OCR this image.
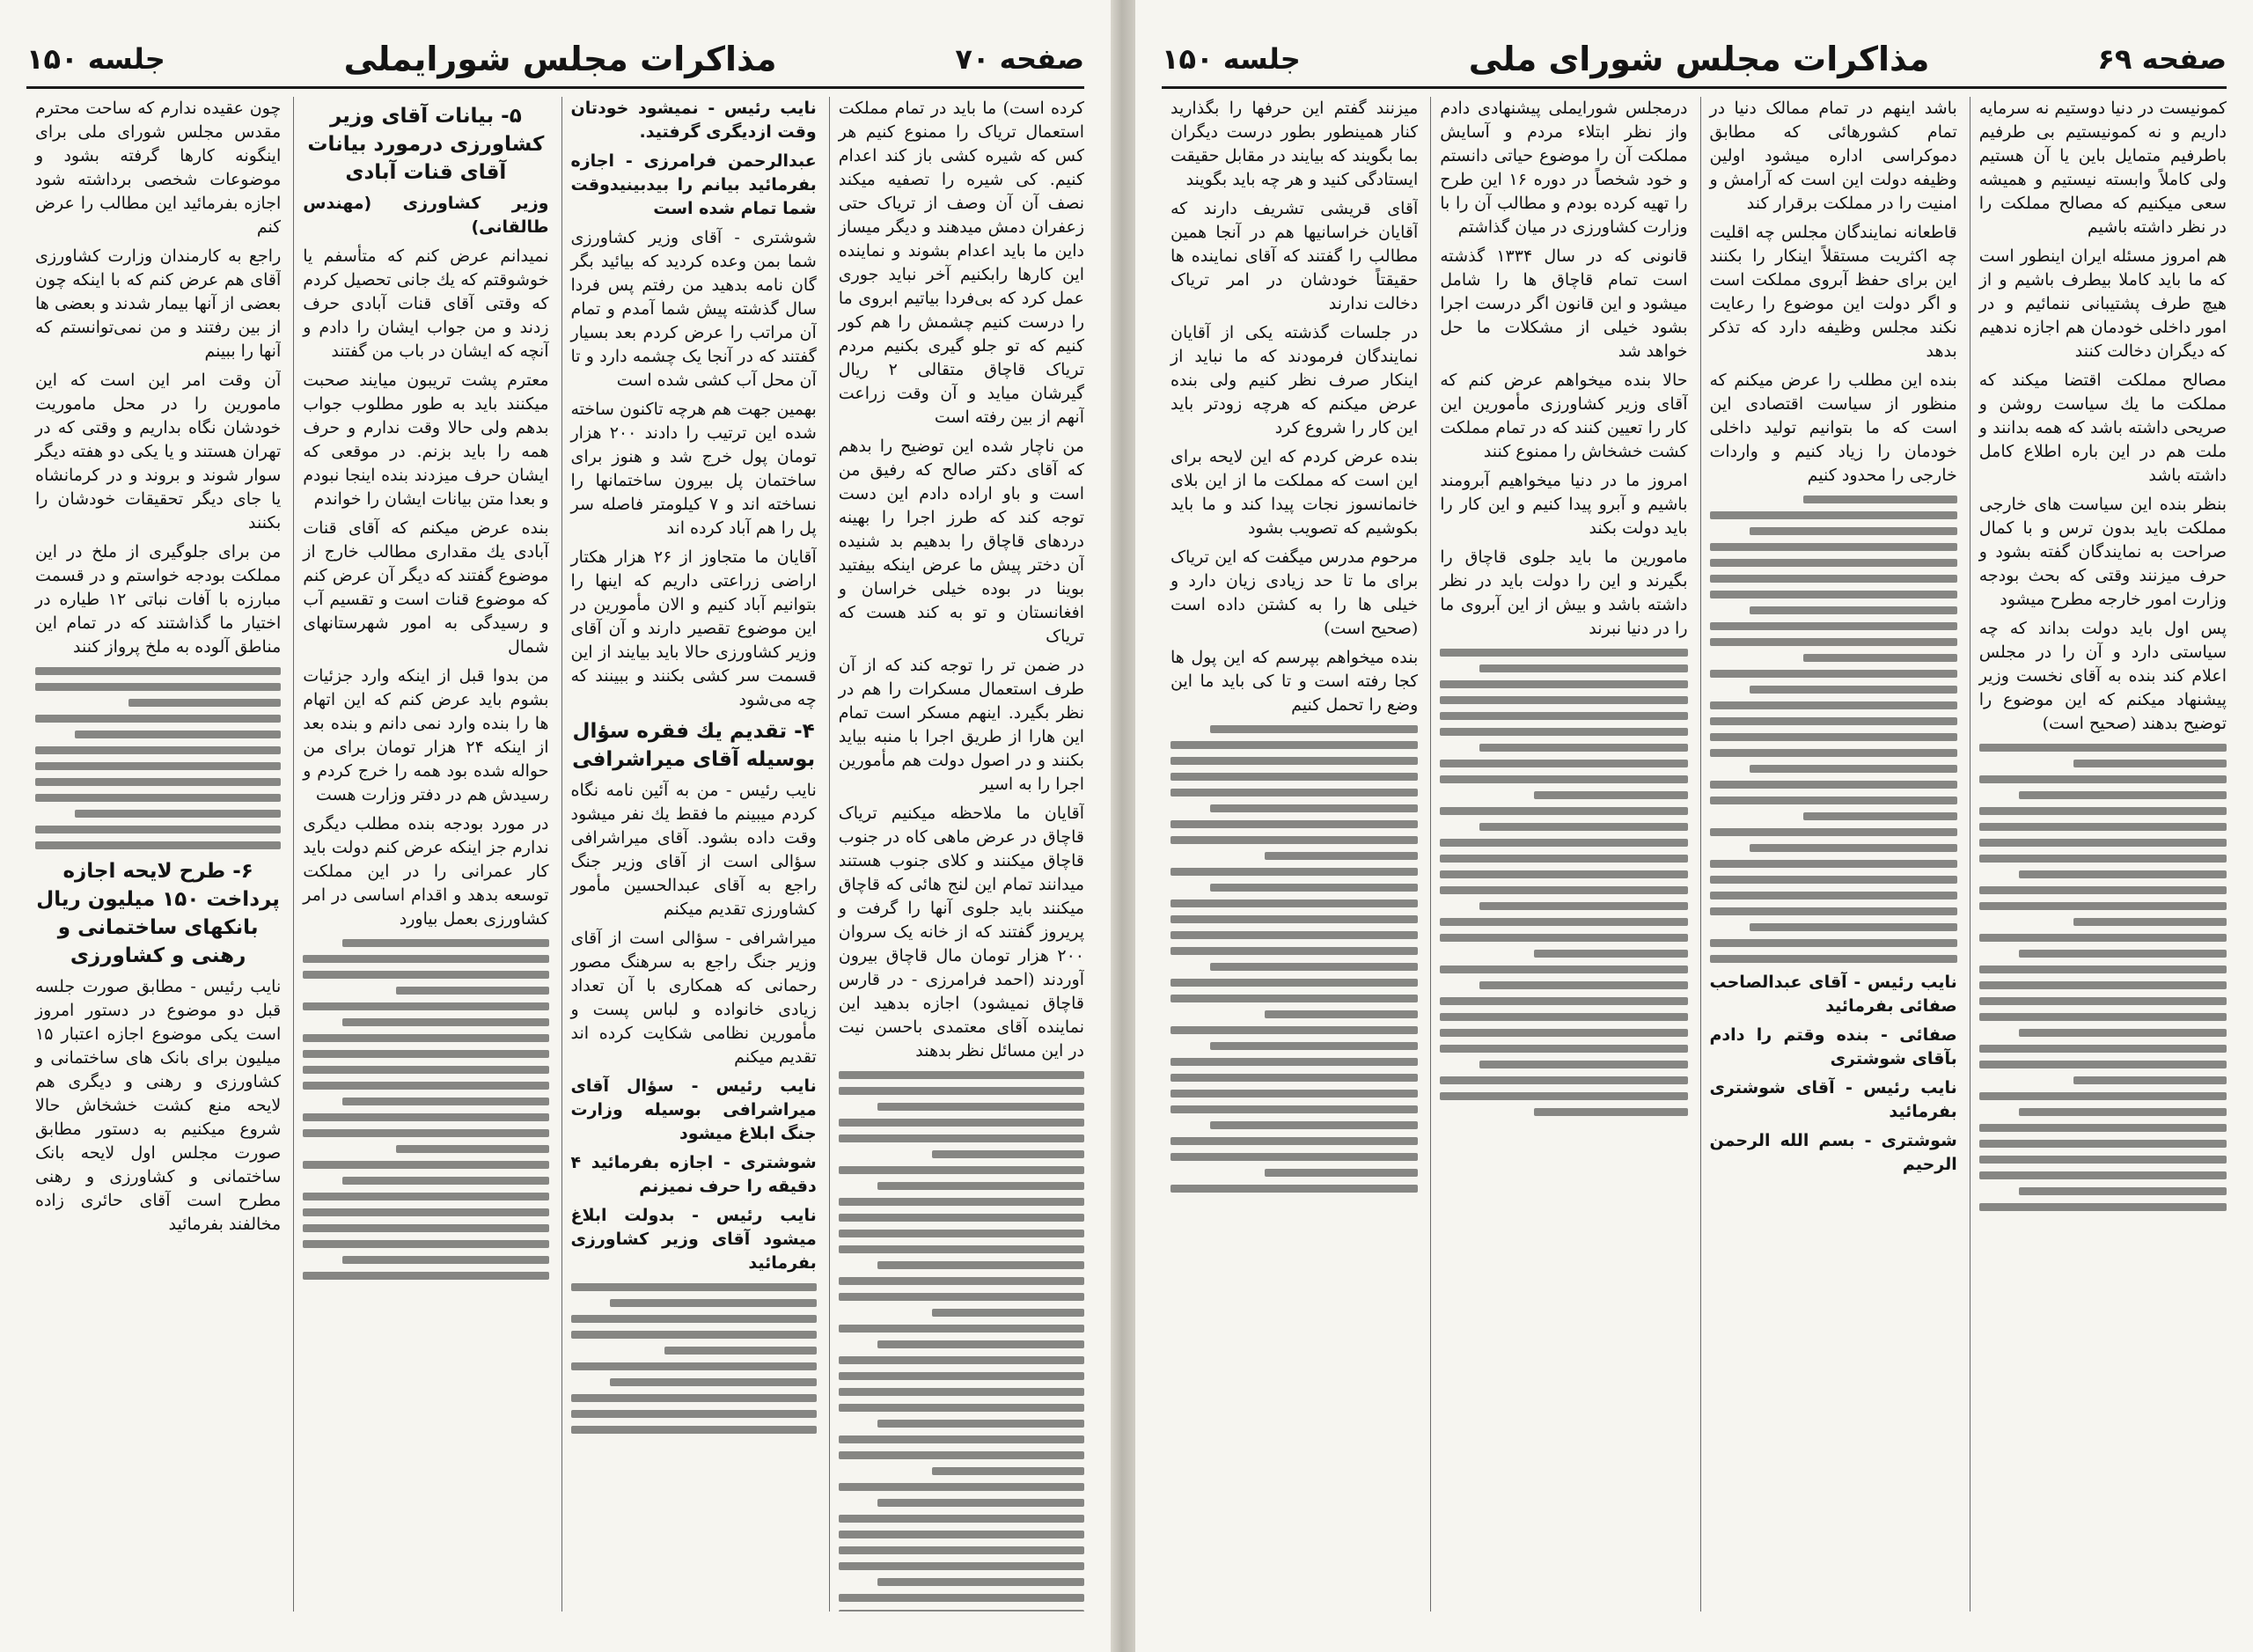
صفحه ۷۰
مذاکرات مجلس شورایملی
جلسه ۱۵۰

کرده است) ما باید در تمام مملکت استعمال تریاک را ممنوع کنیم هر کس که شیره کشی باز کند اعدام کنیم. کی شیره را تصفیه میکند نصف آن آن وصف از تریاک حتی زعفران دمش میدهند و دیگر میساز داین ما باید اعدام بشوند و نماینده این کارها رابکنیم آخر نباید جوری عمل کرد که بی‌فردا بیاتیم ابروی ما را درست کنیم چشمش را هم کور کنیم که تو جلو گیری بکنیم مردم تریاک قاچاق متقالی ۲ ریال گیرشان میاید و آن وقت زراعت آنهم از بین رفته است

من ناچار شده این توضیح را بدهم که آقای دکتر صالح که رفیق من است و باو اراده دادم این دست توجه کند که طرز اجرا را بهینه دردهای قاچاق را بدهیم بد شنیده آن دختر پیش ما عرض اینکه بیفتید بوینا در بوده خیلی خراسان و افغانستان و تو به کند هست که تریاک

در ضمن تر را توجه کند که از آن طرف استعمال مسکرات را هم در نظر بگیرد. اینهم مسکر است تمام این هارا از طریق اجرا با منبه بیاید بکنند و در اصول دولت هم مأمورین اجرا را به اسیر

آقایان ما ملاحظه میکنیم تریاک قاچاق در عرض ماهی کاه در جنوب قاچاق میکنند و کلای جنوب هستند میدانند تمام این لنج هائی که قاچاق میکنند باید جلوی آنها را گرفت و پریروز گفتند که از خانه یک سروان ۲۰۰ هزار تومان مال قاچاق بیرون آوردند (احمد فرامرزی - در قارس قاچاق نمیشود) اجازه بدهید این نماینده آقای معتمدی باحسن نیت در این مسائل نظر بدهند

نایب رئیس - نمیشود خودتان وقت ازدیگری گرفتید.

عبدالرحمن فرامرزی - اجازه بفرمائید بیانم را بیدبینیدوقت شما تمام شده است

شوشتری - آقای وزیر کشاورزی شما بمن وعده کردید که بیائید بگر گان نامه بدهید من رفتم پس فردا سال گذشته پیش شما آمدم و تمام آن مراتب را عرض کردم بعد بسیار گفتند که در آنجا یک چشمه دارد و تا آن محل آب کشی شده است

بهمین جهت هم هرچه تاکنون ساخته شده این ترتیب را دادند ۲۰۰ هزار تومان پول خرج شد و هنوز برای ساختمان پل بیرون ساختمانها را نساخته اند و ۷ کیلومتر فاصله سر پل را هم آباد کرده اند

آقایان ما متجاوز از ۲۶ هزار هکتار اراضی زراعتی داریم که اینها را بتوانیم آباد کنیم و الان مأمورین در این موضوع تقصیر دارند و آن آقای وزیر کشاورزی حالا باید بیایند از این قسمت سر کشی بکنند و ببینند که چه می‌شود

۴- تقدیم یك فقره سؤال بوسیله آقای میراشرافی

نایب رئیس - من به آئین نامه نگاه کردم میبینم ما فقط یك نفر میشود وقت داده بشود. آقای میراشرافی سؤالی است از آقای وزیر جنگ راجع به آقای عبدالحسین مأمور کشاورزی تقدیم میکنم

میراشرافی - سؤالی است از آقای وزیر جنگ راجع به سرهنگ مصور رحمانی که همکاری با آن تعداد زیادی خانواده و لباس پست و مأمورین نظامی شکایت کرده اند تقدیم میکنم

نایب رئیس - سؤال آقای میراشرافی بوسیله وزارت جنگ ابلاغ میشود

شوشتری - اجازه بفرمائید ۴ دقیقه را حرف نمیزنم

نایب رئیس - بدولت ابلاغ میشود آقای وزیر کشاورزی بفرمائید

۵- بیانات آقای وزیر کشاورزی درمورد بیانات آقای قنات آبادی

وزیر کشاورزی (مهندس طالقانی)

نمیدانم عرض کنم که متأسفم یا خوشوقتم که یك جانی تحصیل کردم که وقتی آقای قنات آبادی حرف زدند و من جواب ایشان را دادم و آنچه که ایشان در باب من گفتند

معترم پشت تریبون میایند صحبت میکنند باید به طور مطلوب جواب بدهم ولی حالا وقت ندارم و حرف همه را باید بزنم. در موقعی که ایشان حرف میزدند بنده اینجا نبودم و بعدا متن بیانات ایشان را خواندم

بنده عرض میکنم که آقای قنات آبادی یك مقداری مطالب خارج از موضوع گفتند که دیگر آن عرض کنم که موضوع قنات است و تقسیم آب و رسیدگی به امور شهرستانهای شمال

من بدوا قبل از اینکه وارد جزئیات بشوم باید عرض کنم که این اتهام ها را بنده وارد نمی دانم و بنده بعد از اینکه ۲۴ هزار تومان برای من حواله شده بود همه را خرج کردم و رسیدش هم در دفتر وزارت هست

در مورد بودجه بنده مطلب دیگری ندارم جز اینکه عرض کنم دولت باید کار عمرانی را در این مملکت توسعه بدهد و اقدام اساسی در امر کشاورزی بعمل بیاورد

چون عقیده ندارم که ساحت محترم مقدس مجلس شورای ملی برای اینگونه کارها گرفته بشود و موضوعات شخصی برداشته شود اجازه بفرمائید این مطالب را عرض کنم

راجع به کارمندان وزارت کشاورزی آقای هم عرض کنم که با اینکه چون بعضی از آنها بیمار شدند و بعضی ها از بین رفتند و من نمی‌توانستم که آنها را ببینم

آن وقت امر این است که این مامورین را در محل ماموریت خودشان نگاه بداریم و وقتی که در تهران هستند و یا یکی دو هفته دیگر سوار شوند و بروند و در کرمانشاه یا جای دیگر تحقیقات خودشان را بکنند

من برای جلوگیری از ملخ در این مملکت بودجه خواستم و در قسمت مبارزه با آفات نباتی ۱۲ طیاره در اختیار ما گذاشتند که در تمام این مناطق آلوده به ملخ پرواز کنند

۶- طرح لایحه اجازه پرداخت ۱۵۰ میلیون ریال بانکهای ساختمانی و رهنی و کشاورزی

نایب رئیس - مطابق صورت جلسه قبل دو موضوع در دستور امروز است یکی موضوع اجازه اعتبار ۱۵ میلیون برای بانک های ساختمانی و کشاورزی و رهنی و دیگری هم لایحه منع کشت خشخاش حالا شروع میکنیم به دستور مطابق صورت مجلس اول لایحه بانک ساختمانی و کشاورزی و رهنی مطرح است آقای حائری زاده مخالفند بفرمائید

صفحه ۶۹
مذاکرات مجلس شورای ملی
جلسه ۱۵۰

کمونیست در دنیا دوستیم نه سرمایه داریم و نه کمونیستیم بی طرفیم باطرفیم متمایل باین یا آن هستیم ولی کاملاً وابسته نیستیم و همیشه سعی میکنیم که مصالح مملکت را در نظر داشته باشیم

هم امروز مسئله ایران اینطور است که ما باید کاملا بیطرف باشیم و از هیچ طرف پشتیبانی ننمائیم و در امور داخلی خودمان هم اجازه ندهیم که دیگران دخالت کنند

مصالح مملکت اقتضا میکند که مملکت ما یك سیاست روشن و صریحی داشته باشد که همه بدانند و ملت هم در این باره اطلاع کامل داشته باشد

بنظر بنده این سیاست های خارجی مملکت باید بدون ترس و با کمال صراحت به نمایندگان گفته بشود و حرف میزنند وقتی که بحث بودجه وزارت امور خارجه مطرح میشود

پس اول باید دولت بداند که چه سیاستی دارد و آن را در مجلس اعلام کند بنده به آقای نخست وزیر پیشنهاد میکنم که این موضوع را توضیح بدهند (صحیح است)

باشد اینهم در تمام ممالک دنیا در تمام کشورهائی که مطابق دموکراسی اداره میشود اولین وظیفه دولت این است که آرامش و امنیت را در مملکت برقرار کند

قاطعانه نمایندگان مجلس چه اقلیت چه اکثریت مستقلاً اینکار را بکنند این برای حفظ آبروی مملکت است و اگر دولت این موضوع را رعایت نکند مجلس وظیفه دارد که تذکر بدهد

بنده این مطلب را عرض میکنم که منظور از سیاست اقتصادی این است که ما بتوانیم تولید داخلی خودمان را زیاد کنیم و واردات خارجی را محدود کنیم

نایب رئیس - آقای عبدالصاحب صفائی بفرمائید

صفائی - بنده وقتم را دادم بآقای شوشتری

نایب رئیس - آقای شوشتری بفرمائید

شوشتری - بسم الله الرحمن الرحیم

درمجلس شورایملی پیشنهادی دادم واز نظر ابتلاء مردم و آسایش مملکت آن را موضوع حیاتی دانستم و خود شخصاً در دوره ۱۶ این طرح را تهیه کرده بودم و مطالب آن را با وزارت کشاورزی در میان گذاشتم

قانونی که در سال ۱۳۳۴ گذشته است تمام قاچاق ها را شامل میشود و این قانون اگر درست اجرا بشود خیلی از مشکلات ما حل خواهد شد

حالا بنده میخواهم عرض کنم که آقای وزیر کشاورزی مأمورین این کار را تعیین کنند که در تمام مملکت کشت خشخاش را ممنوع کنند

امروز ما در دنیا میخواهیم آبرومند باشیم و آبرو پیدا کنیم و این کار را باید دولت بکند

مامورین ما باید جلوی قاچاق را بگیرند و این را دولت باید در نظر داشته باشد و بیش از این آبروی ما را در دنیا نبرند

میزنند گفتم این حرفها را بگذارید کنار همینطور بطور درست دیگران بما بگویند که بیایند در مقابل حقیقت ایستادگی کنید و هر چه باید بگویند

آقای قریشی تشریف دارند که آقایان خراسانیها هم در آنجا همین مطالب را گفتند که آقای نماینده ها حقیقتاً خودشان در امر تریاک دخالت ندارند

در جلسات گذشته یکی از آقایان نمایندگان فرمودند که ما نباید از اینکار صرف نظر کنیم ولی بنده عرض میکنم که هرچه زودتر باید این کار را شروع کرد

بنده عرض کردم که این لایحه برای این است که مملکت ما از این بلای خانمانسوز نجات پیدا کند و ما باید بکوشیم که تصویب بشود

مرحوم مدرس میگفت که این تریاک برای ما تا حد زیادی زیان دارد و خیلی ها را به کشتن داده است (صحیح است)

بنده میخواهم بپرسم که این پول ها کجا رفته است و تا کی باید ما این وضع را تحمل کنیم
